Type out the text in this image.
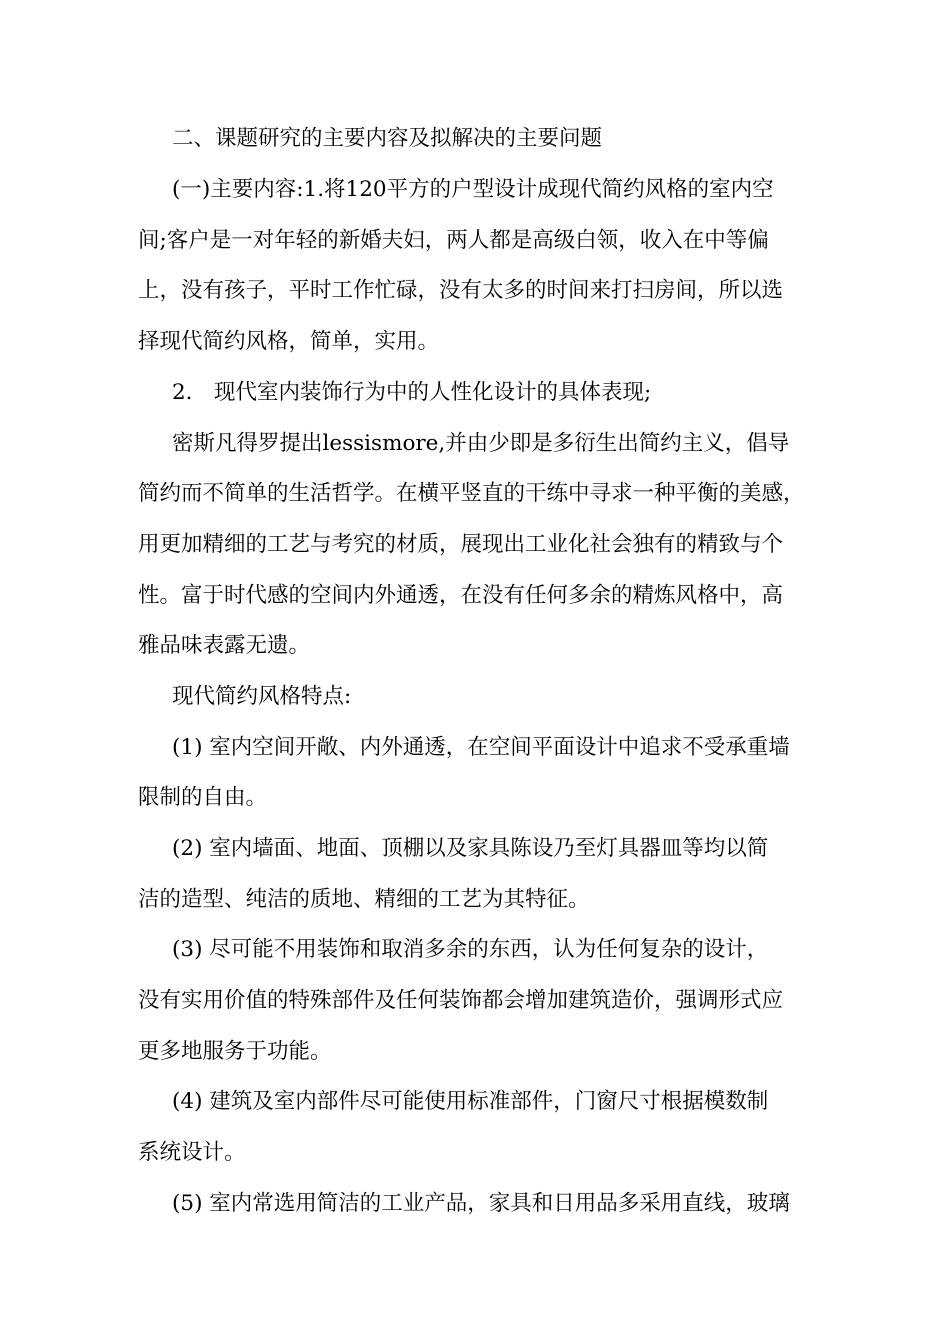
二、课题研究的主要内容及拟解决的主要问题
(一)主要内容:1.将120平方的户型设计成现代简约风格的室内空
间;客户是一对年轻的新婚夫妇，两人都是高级白领，收入在中等偏
上，没有孩子，平时工作忙碌，没有太多的时间来打扫房间，所以选
择现代简约风格，简单，实用。
2.　现代室内装饰行为中的人性化设计的具体表现;
密斯凡得罗提出lessismore,并由少即是多衍生出简约主义，倡导
简约而不简单的生活哲学。在横平竖直的干练中寻求一种平衡的美感，
用更加精细的工艺与考究的材质，展现出工业化社会独有的精致与个
性。富于时代感的空间内外通透，在没有任何多余的精炼风格中，高
雅品味表露无遗。
现代简约风格特点:
(1) 室内空间开敞、内外通透，在空间平面设计中追求不受承重墙
限制的自由。
(2) 室内墙面、地面、顶棚以及家具陈设乃至灯具器皿等均以简
洁的造型、纯洁的质地、精细的工艺为其特征。
(3) 尽可能不用装饰和取消多余的东西，认为任何复杂的设计，
没有实用价值的特殊部件及任何装饰都会增加建筑造价，强调形式应
更多地服务于功能。
(4) 建筑及室内部件尽可能使用标准部件，门窗尺寸根据模数制
系统设计。
(5) 室内常选用简洁的工业产品，家具和日用品多采用直线，玻璃
